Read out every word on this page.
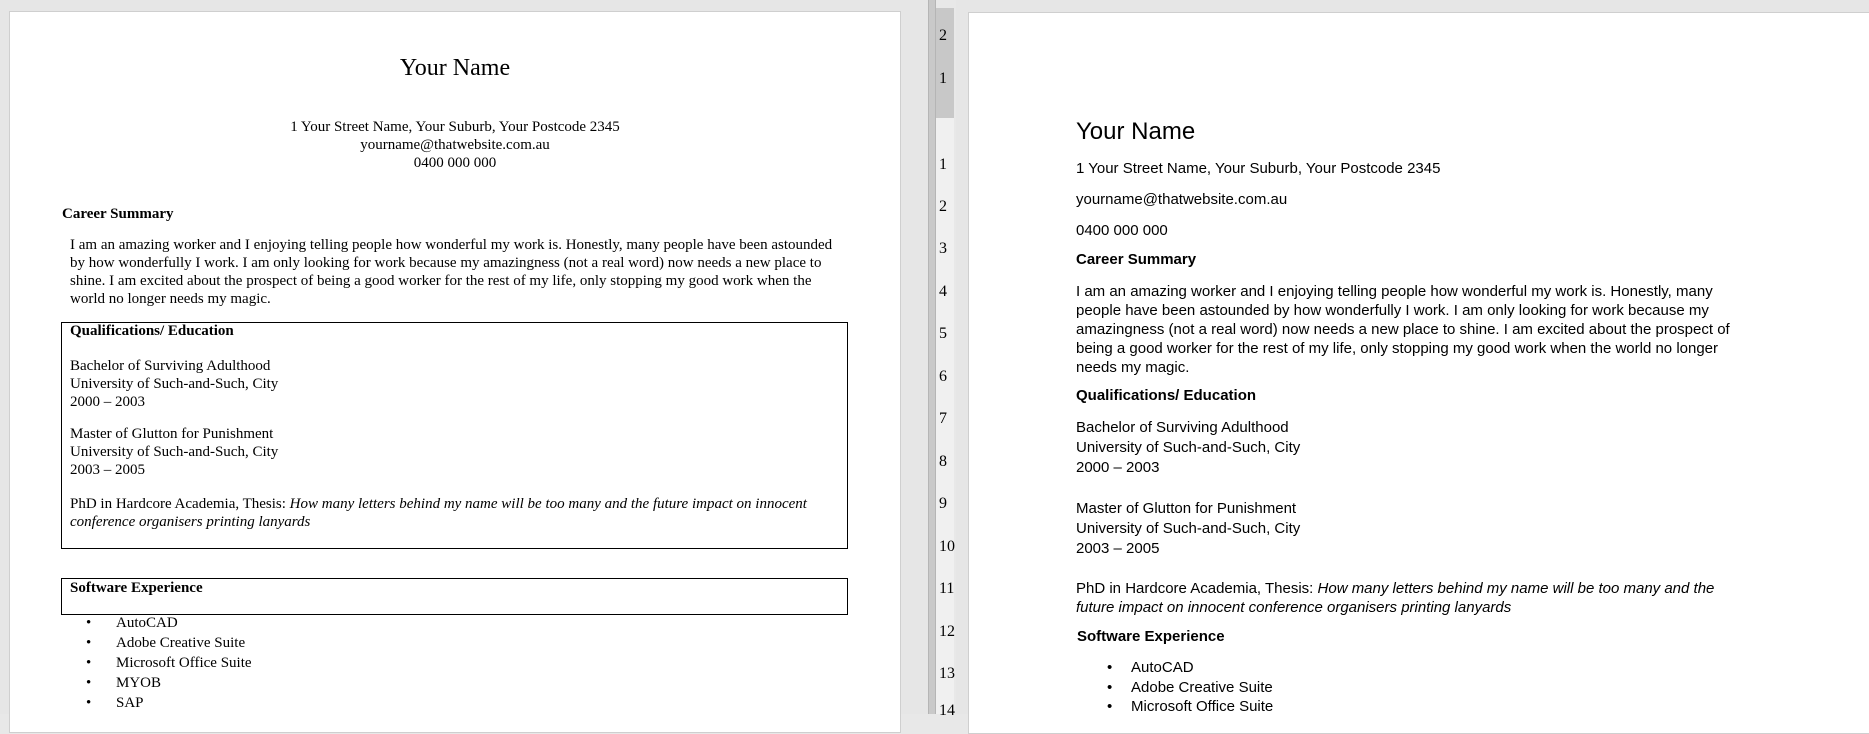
Your Name
1 Your Street Name, Your Suburb, Your Postcode 2345
yourname@thatwebsite.com.au
0400 000 000
Career Summary
I am an amazing worker and I enjoying telling people how wonderful my work is. Honestly, many people have been astounded
by how wonderfully I work. I am only looking for work because my amazingness (not a real word) now needs a new place to
shine. I am excited about the prospect of being a good worker for the rest of my life, only stopping my good work when the
world no longer needs my magic.
Qualifications/ Education
Bachelor of Surviving Adulthood
University of Such-and-Such, City
2000 – 2003
Master of Glutton for Punishment
University of Such-and-Such, City
2003 – 2005
PhD in Hardcore Academia, Thesis: How many letters behind my name will be too many and the future impact on innocent
conference organisers printing lanyards
Software Experience
• AutoCAD
• Adobe Creative Suite
• Microsoft Office Suite
• MYOB
• SAP
2
1
1
2
3
4
5
6
7
8
9
10
11
12
13
14
Your Name
1 Your Street Name, Your Suburb, Your Postcode 2345
yourname@thatwebsite.com.au
0400 000 000
Career Summary
I am an amazing worker and I enjoying telling people how wonderful my work is. Honestly, many
people have been astounded by how wonderfully I work. I am only looking for work because my
amazingness (not a real word) now needs a new place to shine. I am excited about the prospect of
being a good worker for the rest of my life, only stopping my good work when the world no longer
needs my magic.
Qualifications/ Education
Bachelor of Surviving Adulthood
University of Such-and-Such, City
2000 – 2003
Master of Glutton for Punishment
University of Such-and-Such, City
2003 – 2005
PhD in Hardcore Academia, Thesis: How many letters behind my name will be too many and the
future impact on innocent conference organisers printing lanyards
Software Experience
• AutoCAD
• Adobe Creative Suite
• Microsoft Office Suite
